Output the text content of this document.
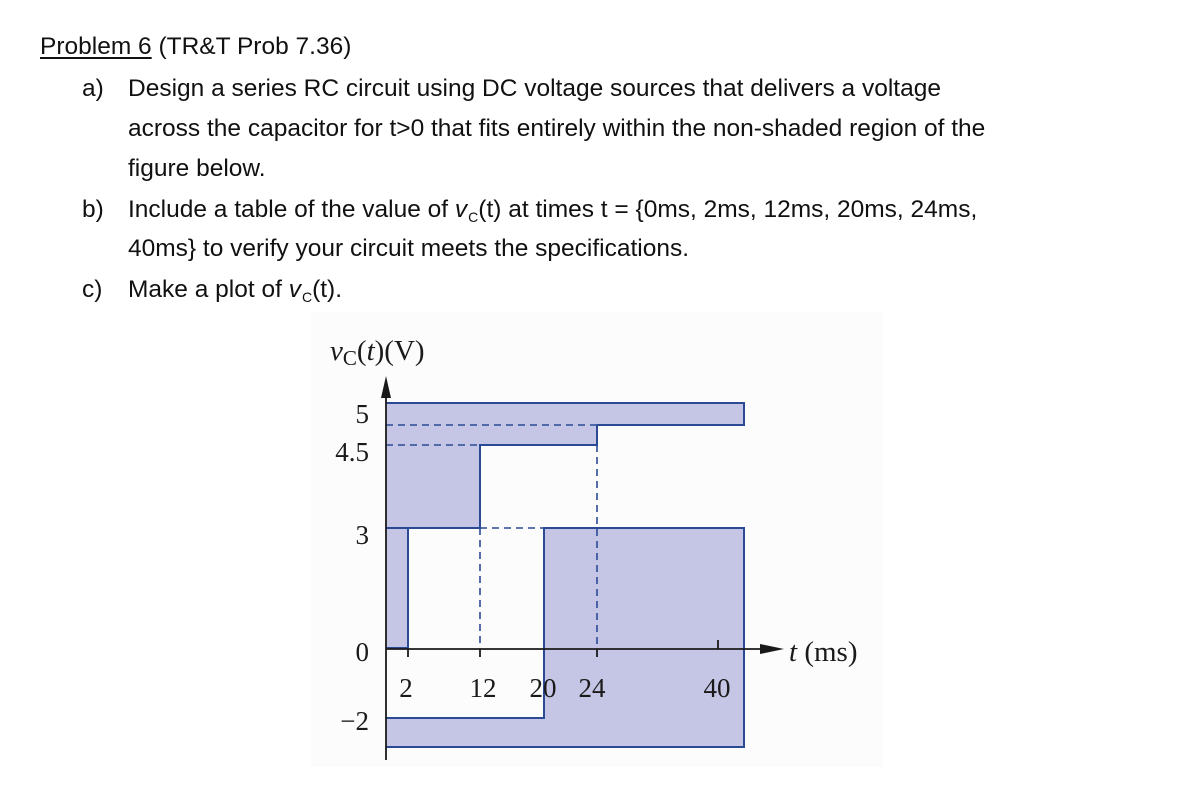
Problem 6 (TR&T Prob 7.36)
a) Design a series RC circuit using DC voltage sources that delivers a voltage
across the capacitor for t>0 that fits entirely within the non-shaded region of the
figure below.
b) Include a table of the value of $v_C(t)$ at times t = {0ms, 2ms, 12ms, 20ms, 24ms,
40ms} to verify your circuit meets the specifications.
c) Make a plot of $v_C(t)$.
5
4.5
3
0
−2
2 12 20 24	40
vC(t)(V)
t (ms)
